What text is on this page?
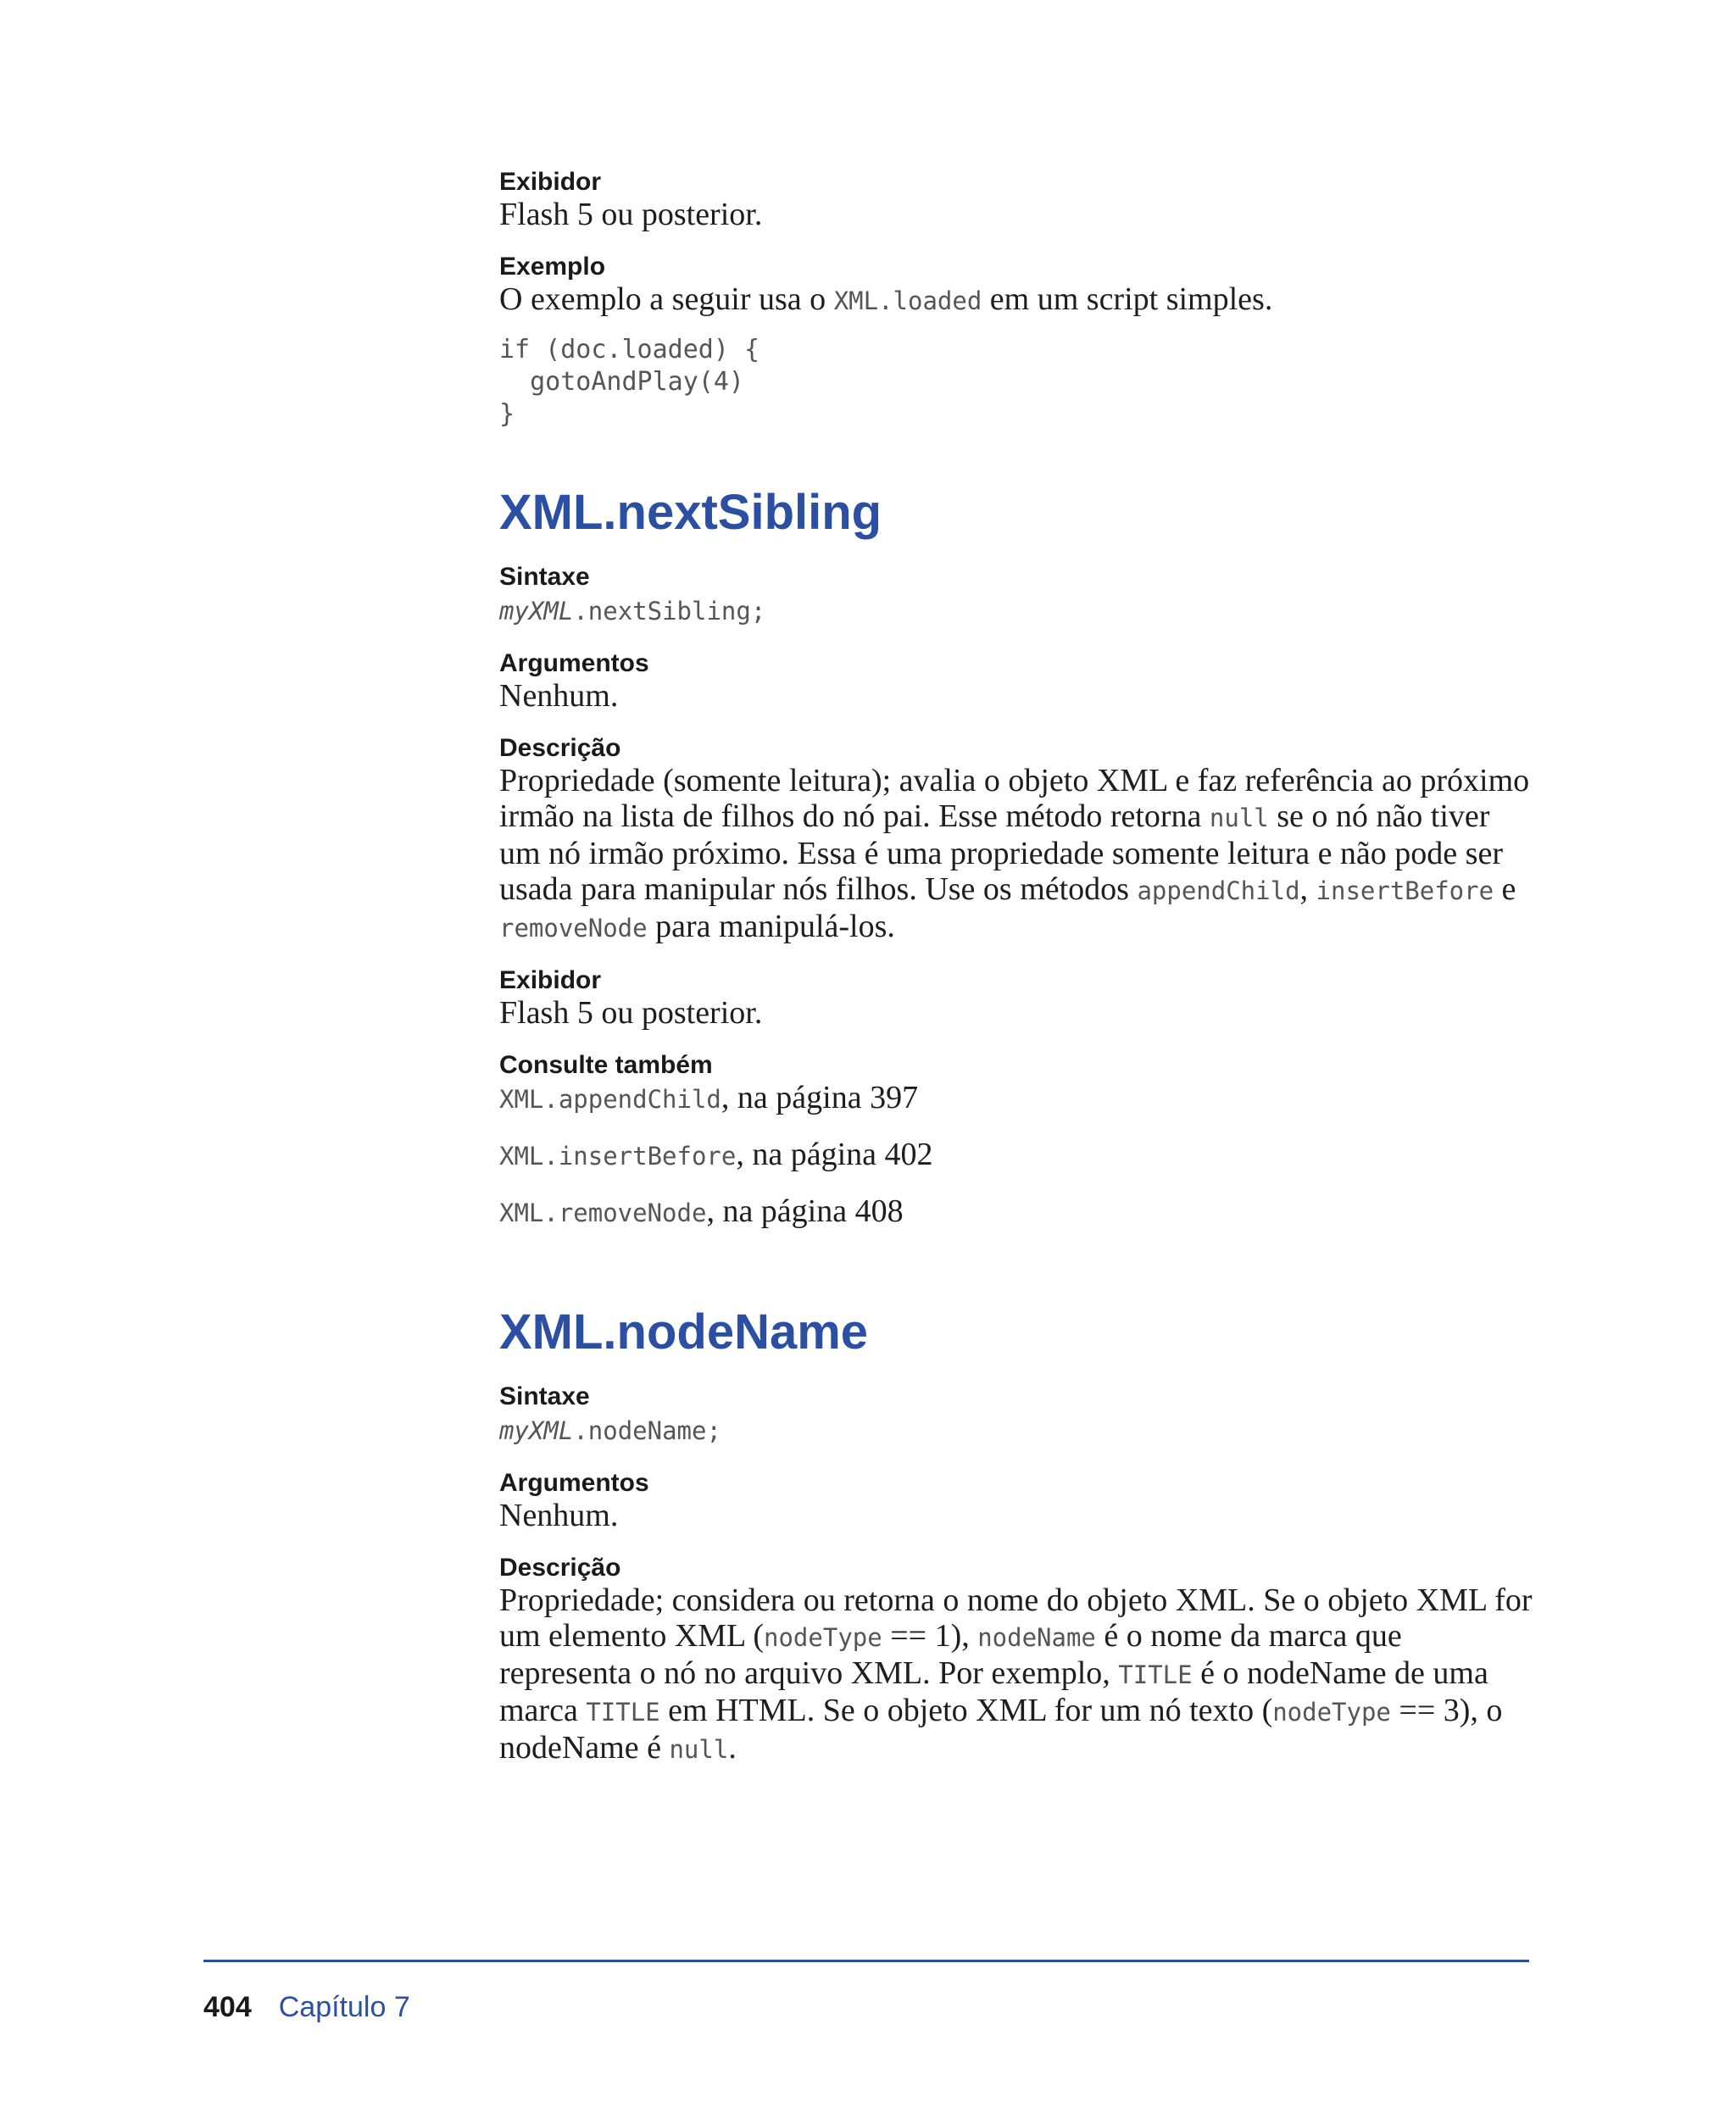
Exibidor
Flash 5 ou posterior.
Exemplo
O exemplo a seguir usa o XML.loaded em um script simples.
if (doc.loaded) {
gotoAndPlay(4)
}
XML.nextSibling
Sintaxe
myXML.nextSibling;
Argumentos
Nenhum.
Descrição
Propriedade (somente leitura); avalia o objeto XML e faz referência ao próximo irmão na lista de filhos do nó pai. Esse método retorna null se o nó não tiver um nó irmão próximo. Essa é uma propriedade somente leitura e não pode ser usada para manipular nós filhos. Use os métodos appendChild, insertBefore e removeNode para manipulá-los.
Exibidor
Flash 5 ou posterior.
Consulte também
XML.appendChild, na página 397
XML.insertBefore, na página 402
XML.removeNode, na página 408
XML.nodeName
Sintaxe
myXML.nodeName;
Argumentos
Nenhum.
Descrição
Propriedade; considera ou retorna o nome do objeto XML. Se o objeto XML for um elemento XML (nodeType == 1), nodeName é o nome da marca que representa o nó no arquivo XML. Por exemplo, TITLE é o nodeName de uma marca TITLE em HTML. Se o objeto XML for um nó texto (nodeType == 3), o nodeName é null.
404 Capítulo 7
